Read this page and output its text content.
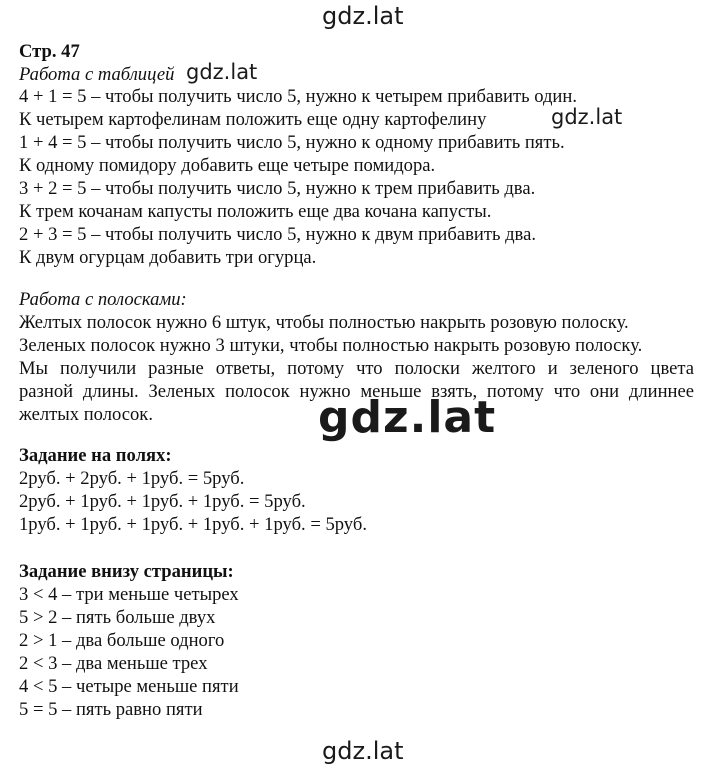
gdz.lat
Стр. 47
Работа с таблицей gdz.lat
4 + 1 = 5 – чтобы получить число 5, нужно к четырем прибавить один.
К четырем картофелинам положить еще одну картофелину	gdz.lat
1 + 4 = 5 – чтобы получить число 5, нужно к одному прибавить пять.
К одному помидору добавить еще четыре помидора.
3 + 2 = 5 – чтобы получить число 5, нужно к трем прибавить два.
К трем кочанам капусты положить еще два кочана капусты.
2 + 3 = 5 – чтобы получить число 5, нужно к двум прибавить два.
К двум огурцам добавить три огурца.
Работа с полосками:
Желтых полосок нужно 6 штук, чтобы полностью накрыть розовую полоску.
Зеленых полосок нужно 3 штуки, чтобы полностью накрыть розовую полоску.
Мы получили разные ответы, потому что полоски желтого и зеленого цвета
разной длины. Зеленых полосок нужно меньше взять, потому что они длиннее
желтых полосок.	gdz.lat
Задание на полях:
2руб. + 2руб. + 1руб. = 5руб.
2руб. + 1руб. + 1руб. + 1руб. = 5руб.
1руб. + 1руб. + 1руб. + 1руб. + 1руб. = 5руб.
Задание внизу страницы:
3 < 4 – три меньше четырех
5 > 2 – пять больше двух
2 > 1 – два больше одного
2 < 3 – два меньше трех
4 < 5 – четыре меньше пяти
5 = 5 – пять равно пяти
gdz.lat
